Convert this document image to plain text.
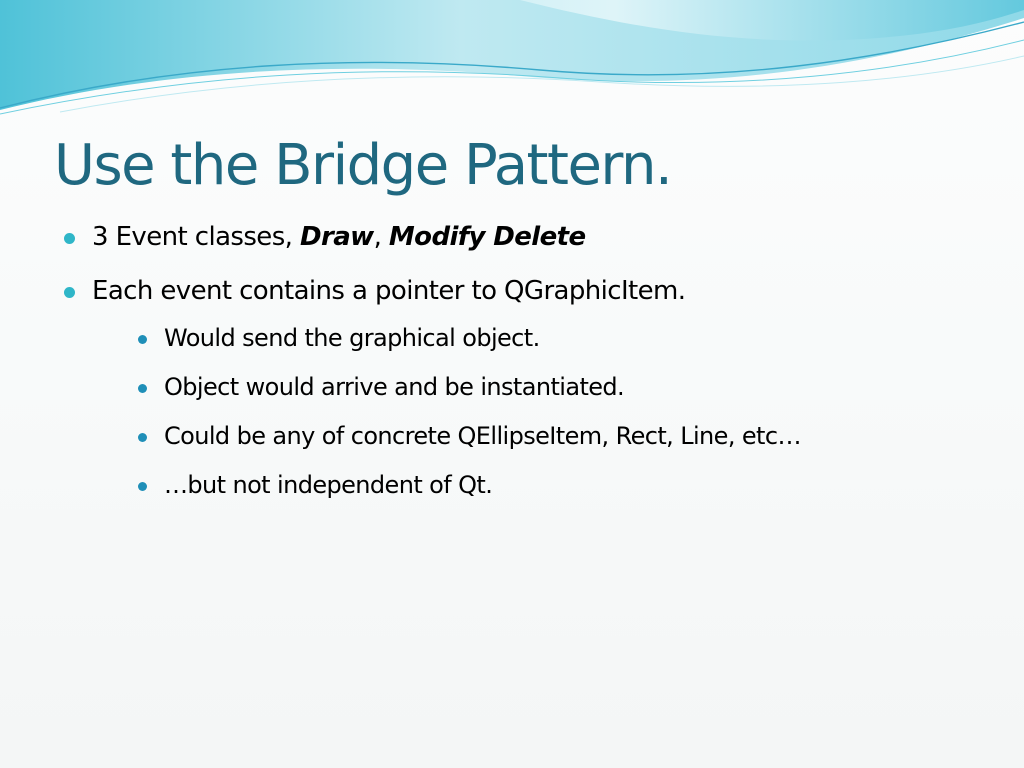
Use the Bridge Pattern.
3 Event classes, Draw, Modify Delete
Each event contains a pointer to QGraphicItem.
Would send the graphical object.
Object would arrive and be instantiated.
Could be any of concrete QEllipseItem, Rect, Line, etc…
…but not independent of Qt.
